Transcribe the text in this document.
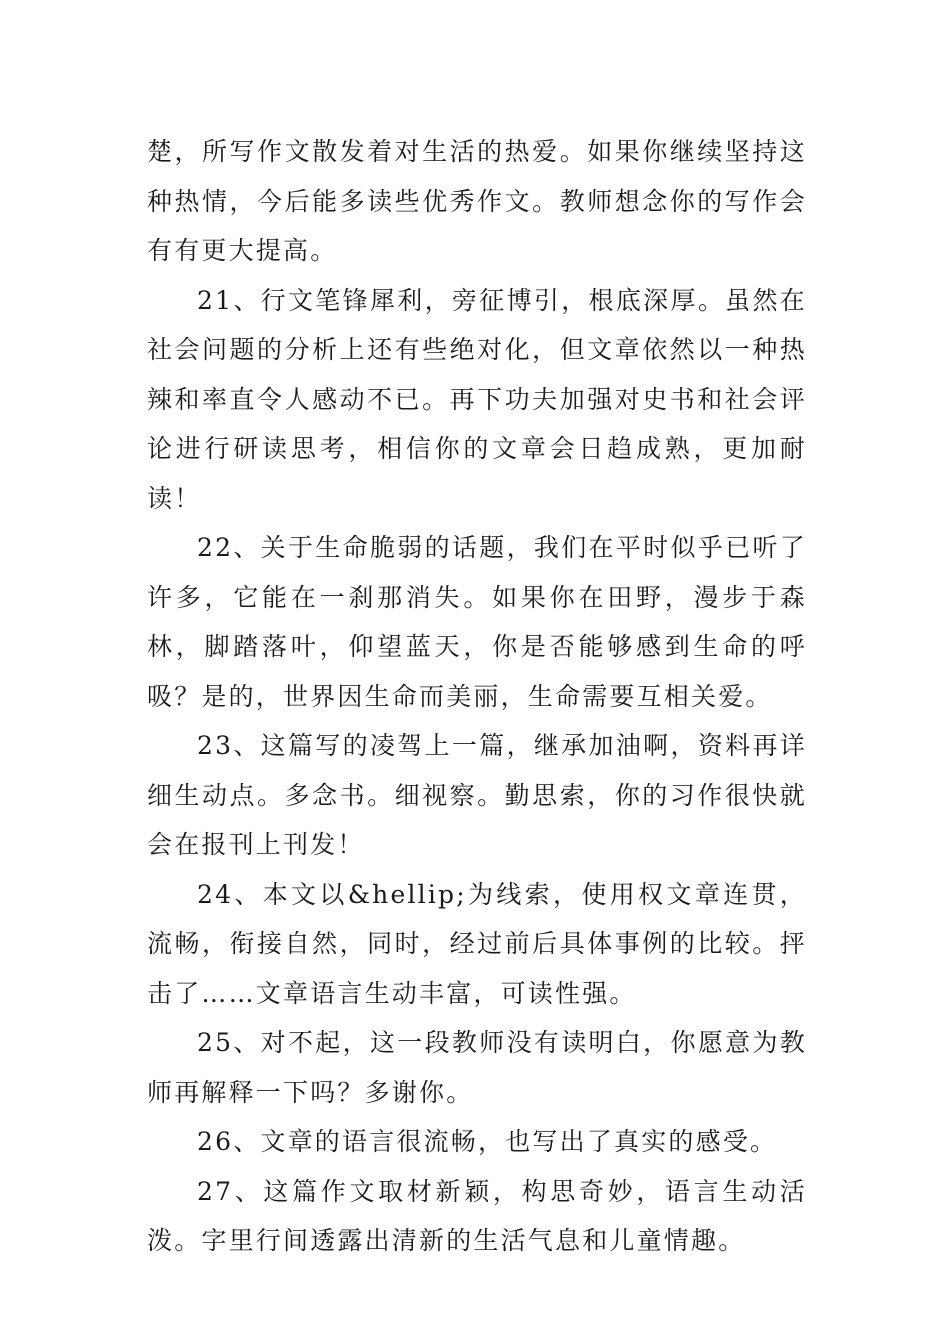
楚，所写作文散发着对生活的热爱。如果你继续坚持这种热情，今后能多读些优秀作文。教师想念你的写作会有有更大提高。

21、行文笔锋犀利，旁征博引，根底深厚。虽然在社会问题的分析上还有些绝对化，但文章依然以一种热辣和率直令人感动不已。再下功夫加强对史书和社会评论进行研读思考，相信你的文章会日趋成熟，更加耐读！

22、关于生命脆弱的话题，我们在平时似乎已听了许多，它能在一刹那消失。如果你在田野，漫步于森林，脚踏落叶，仰望蓝天，你是否能够感到生命的呼吸？是的，世界因生命而美丽，生命需要互相关爱。

23、这篇写的凌驾上一篇，继承加油啊，资料再详细生动点。多念书。细视察。勤思索，你的习作很快就会在报刊上刊发！

24、本文以&hellip;为线索，使用权文章连贯，流畅，衔接自然，同时，经过前后具体事例的比较。抨击了……文章语言生动丰富，可读性强。

25、对不起，这一段教师没有读明白，你愿意为教师再解释一下吗？多谢你。

26、文章的语言很流畅，也写出了真实的感受。

27、这篇作文取材新颖，构思奇妙，语言生动活泼。字里行间透露出清新的生活气息和儿童情趣。
